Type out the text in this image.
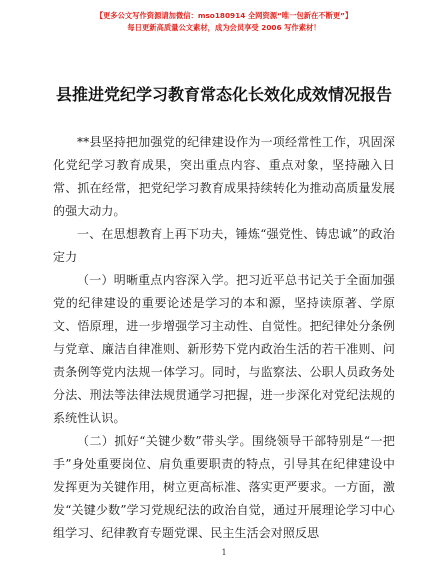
【更多公文写作资源请加微信：mso180914 全网资源“唯一包新在不断更”】
每日更新高质量公文素材，成为会员享受 2006 写作素材！
县推进党纪学习教育常态化长效化成效情况报告

**县坚持把加强党的纪律建设作为一项经常性工作，巩固深化党纪学习教育成果，突出重点内容、重点对象，坚持融入日常、抓在经常，把党纪学习教育成果持续转化为推动高质量发展的强大动力。

一、在思想教育上再下功夫，锤炼“强党性、铸忠诚”的政治定力

（一）明晰重点内容深入学。把习近平总书记关于全面加强党的纪律建设的重要论述是学习的本和源，坚持读原著、学原文、悟原理，进一步增强学习主动性、自觉性。把纪律处分条例与党章、廉洁自律准则、新形势下党内政治生活的若干准则、问责条例等党内法规一体学习。同时，与监察法、公职人员政务处分法、刑法等法律法规贯通学习把握，进一步深化对党纪法规的系统性认识。

（二）抓好“关键少数”带头学。围绕领导干部特别是“一把手”身处重要岗位、肩负重要职责的特点，引导其在纪律建设中发挥更为关键作用，树立更高标准、落实更严要求。一方面，激发“关键少数”学习党规纪法的政治自觉，通过开展理论学习中心组学习、纪律教育专题党课、民主生活会对照反思

1
